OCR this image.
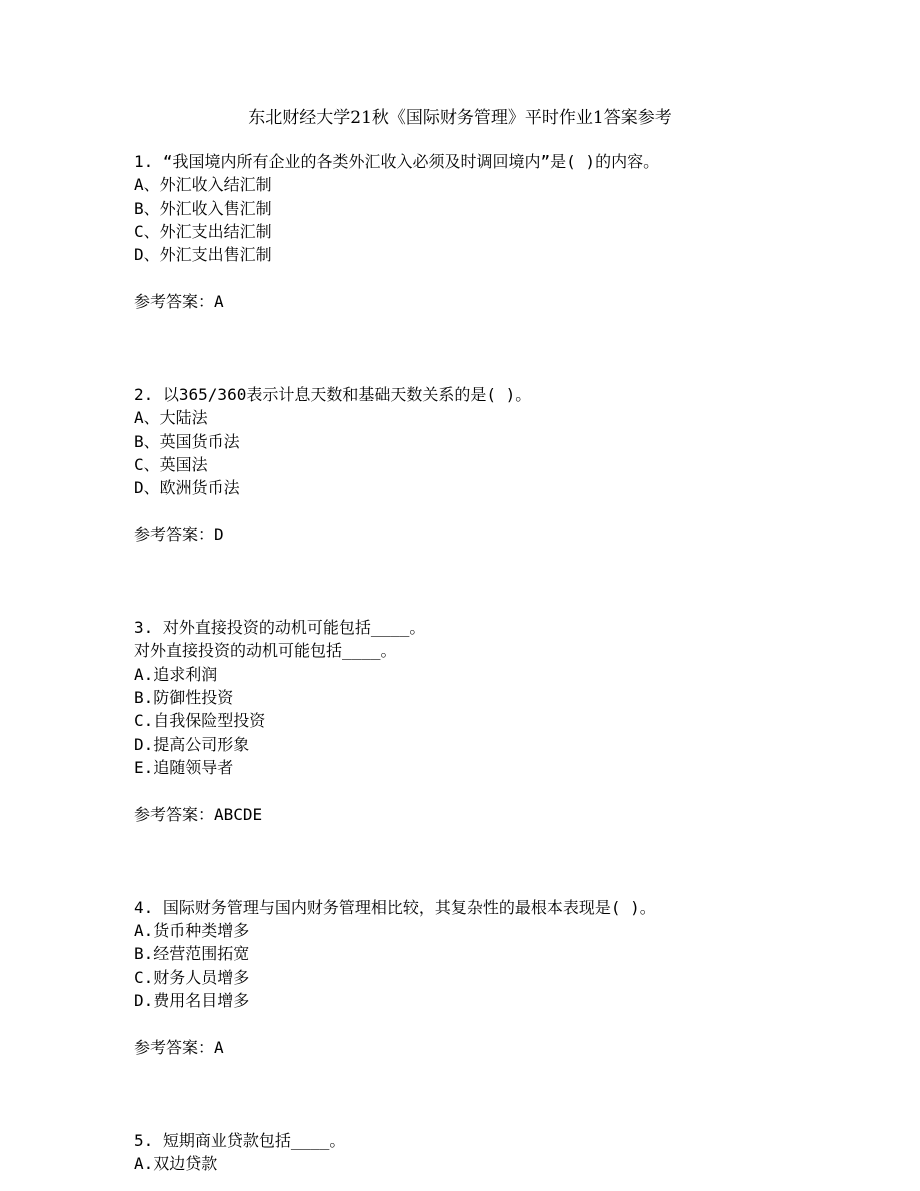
东北财经大学21秋《国际财务管理》平时作业1答案参考
1. “我国境内所有企业的各类外汇收入必须及时调回境内”是( )的内容。
A、外汇收入结汇制
B、外汇收入售汇制
C、外汇支出结汇制
D、外汇支出售汇制
参考答案：A
2. 以365/360表示计息天数和基础天数关系的是( )。
A、大陆法
B、英国货币法
C、英国法
D、欧洲货币法
参考答案：D
3. 对外直接投资的动机可能包括____。
对外直接投资的动机可能包括____。
A.追求利润
B.防御性投资
C.自我保险型投资
D.提高公司形象
E.追随领导者
参考答案：ABCDE
4. 国际财务管理与国内财务管理相比较，其复杂性的最根本表现是( )。
A.货币种类增多
B.经营范围拓宽
C.财务人员增多
D.费用名目增多
参考答案：A
5. 短期商业贷款包括____。
A.双边贷款
